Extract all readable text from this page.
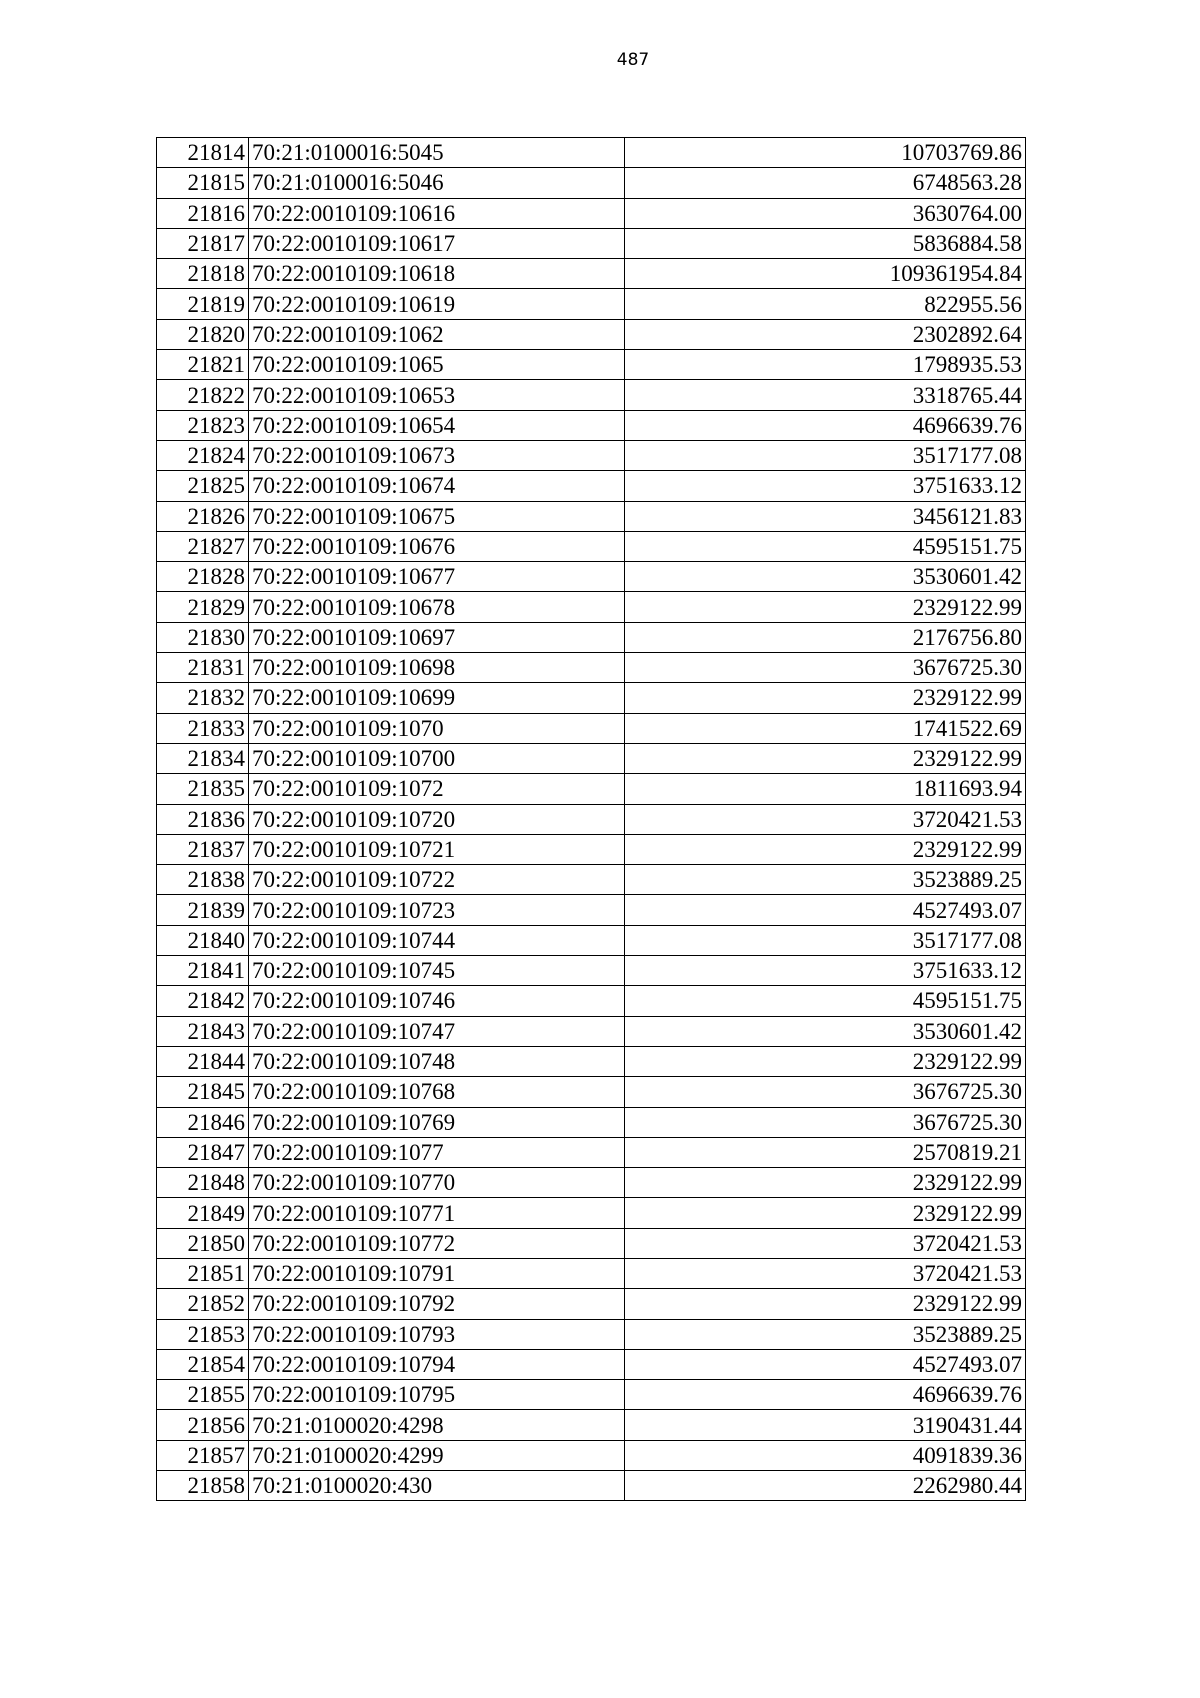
487
21814	70:21:0100016:5045	10703769.86
21815	70:21:0100016:5046	6748563.28
21816	70:22:0010109:10616	3630764.00
21817	70:22:0010109:10617	5836884.58
21818	70:22:0010109:10618	109361954.84
21819	70:22:0010109:10619	822955.56
21820	70:22:0010109:1062	2302892.64
21821	70:22:0010109:1065	1798935.53
21822	70:22:0010109:10653	3318765.44
21823	70:22:0010109:10654	4696639.76
21824	70:22:0010109:10673	3517177.08
21825	70:22:0010109:10674	3751633.12
21826	70:22:0010109:10675	3456121.83
21827	70:22:0010109:10676	4595151.75
21828	70:22:0010109:10677	3530601.42
21829	70:22:0010109:10678	2329122.99
21830	70:22:0010109:10697	2176756.80
21831	70:22:0010109:10698	3676725.30
21832	70:22:0010109:10699	2329122.99
21833	70:22:0010109:1070	1741522.69
21834	70:22:0010109:10700	2329122.99
21835	70:22:0010109:1072	1811693.94
21836	70:22:0010109:10720	3720421.53
21837	70:22:0010109:10721	2329122.99
21838	70:22:0010109:10722	3523889.25
21839	70:22:0010109:10723	4527493.07
21840	70:22:0010109:10744	3517177.08
21841	70:22:0010109:10745	3751633.12
21842	70:22:0010109:10746	4595151.75
21843	70:22:0010109:10747	3530601.42
21844	70:22:0010109:10748	2329122.99
21845	70:22:0010109:10768	3676725.30
21846	70:22:0010109:10769	3676725.30
21847	70:22:0010109:1077	2570819.21
21848	70:22:0010109:10770	2329122.99
21849	70:22:0010109:10771	2329122.99
21850	70:22:0010109:10772	3720421.53
21851	70:22:0010109:10791	3720421.53
21852	70:22:0010109:10792	2329122.99
21853	70:22:0010109:10793	3523889.25
21854	70:22:0010109:10794	4527493.07
21855	70:22:0010109:10795	4696639.76
21856	70:21:0100020:4298	3190431.44
21857	70:21:0100020:4299	4091839.36
21858	70:21:0100020:430	2262980.44
